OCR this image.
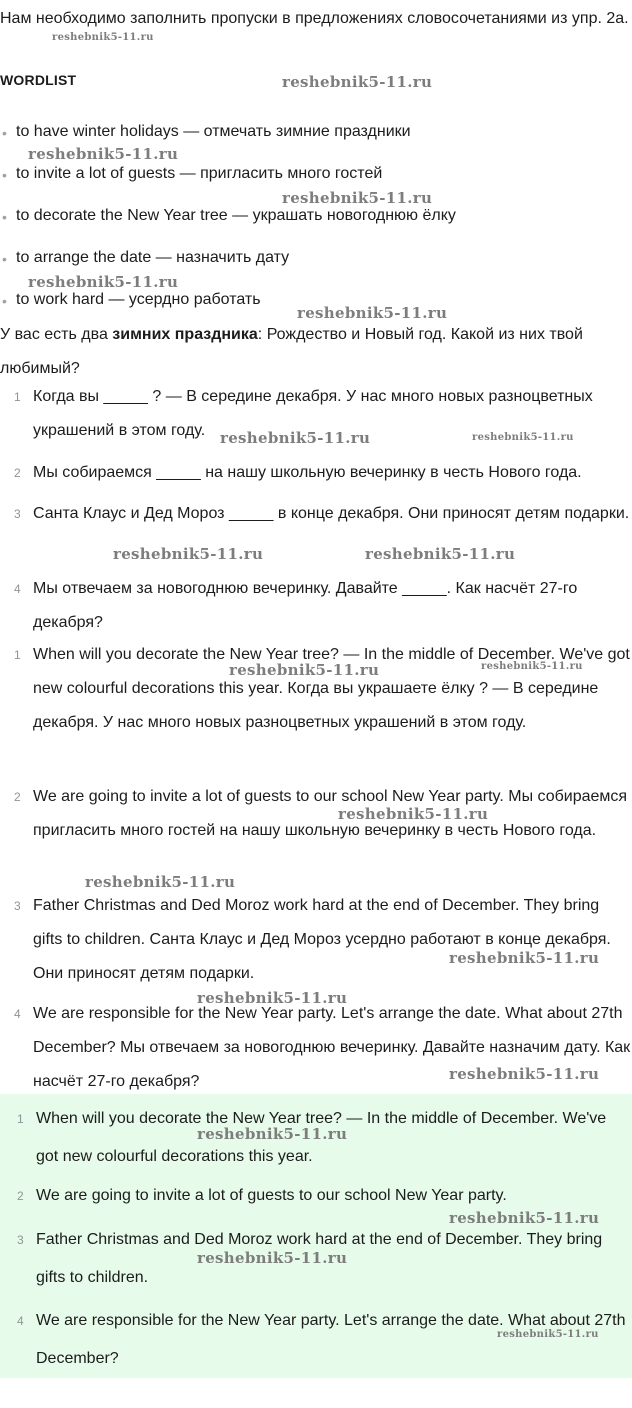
Нам необходимо заполнить пропуски в предложениях словосочетаниями из упр. 2a.
WORDLIST
• to have winter holidays — отмечать зимние праздники
• to invite a lot of guests — пригласить много гостей
• to decorate the New Year tree — украшать новогоднюю ёлку
• to arrange the date — назначить дату
• to work hard — усердно работать
У вас есть два зимних праздника: Рождество и Новый год. Какой из них твой любимый?
1 Когда вы _____ ? — В середине декабря. У нас много новых разноцветных украшений в этом году.
2 Мы собираемся _____ на нашу школьную вечеринку в честь Нового года.
3 Санта Клаус и Дед Мороз _____ в конце декабря. Они приносят детям подарки.
4 Мы отвечаем за новогоднюю вечеринку. Давайте _____. Как насчёт 27-го декабря?
1 When will you decorate the New Year tree? — In the middle of December. We've got new colourful decorations this year. Когда вы украшаете ёлку ? — В середине декабря. У нас много новых разноцветных украшений в этом году.
2 We are going to invite a lot of guests to our school New Year party. Мы собираемся пригласить много гостей на нашу школьную вечеринку в честь Нового года.
3 Father Christmas and Ded Moroz work hard at the end of December. They bring gifts to children. Санта Клаус и Дед Мороз усердно работают в конце декабря. Они приносят детям подарки.
4 We are responsible for the New Year party. Let's arrange the date. What about 27th December? Мы отвечаем за новогоднюю вечеринку. Давайте назначим дату. Как насчёт 27-го декабря?
1 When will you decorate the New Year tree? — In the middle of December. We've got new colourful decorations this year.
2 We are going to invite a lot of guests to our school New Year party.
3 Father Christmas and Ded Moroz work hard at the end of December. They bring gifts to children.
4 We are responsible for the New Year party. Let's arrange the date. What about 27th December?
reshebnik5-11.ru
reshebnik5-11.ru
reshebnik5-11.ru
reshebnik5-11.ru
reshebnik5-11.ru
reshebnik5-11.ru
reshebnik5-11.ru	reshebnik5-11.ru
reshebnik5-11.ru	reshebnik5-11.ru
reshebnik5-11.ru	reshebnik5-11.ru
reshebnik5-11.ru
reshebnik5-11.ru
reshebnik5-11.ru
reshebnik5-11.ru
reshebnik5-11.ru
reshebnik5-11.ru
reshebnik5-11.ru
reshebnik5-11.ru
reshebnik5-11.ru
